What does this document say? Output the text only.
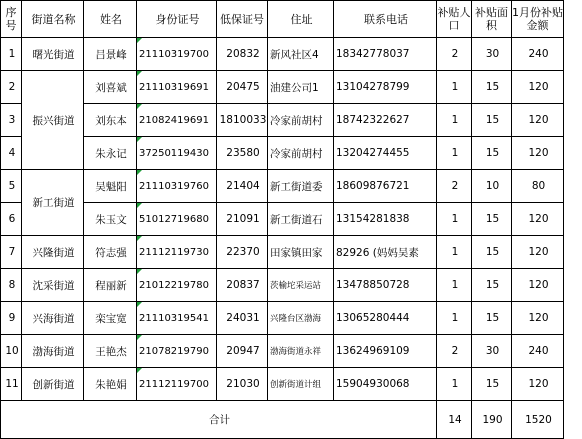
序号	街道名称	姓名	身份证号	低保证号	住址	联系电话	补贴人口	补贴面积	1月份补贴金额
1	曙光街道	吕景峰	21110319700	20832	新风社区4	18342778037	2	30	240
2	振兴街道	刘喜斌	21110319691	20475	油建公司1	13104278799	1	15	120
3		刘东本	21082419691	1810033	冷家前胡村	18742322627	1	15	120
4		朱永记	37250119430	23580	冷家前胡村	13204274455	1	15	120
5	新工街道	吴魁阳	21110319760	21404	新工街道委	18609876721	2	10	80
6		朱玉文	51012719680	21091	新工街道石	13154281838	1	15	120
7	兴隆街道	符志强	21112119730	22370	田家镇田家	82926 (妈妈吴素	1	15	120
8	沈采街道	程丽新	21012219780	20837	茨榆坨采运站	13478850728	1	15	120
9	兴海街道	栾宝宽	21110319541	24031	兴隆台区渤海	13065280444	1	15	120
10	渤海街道	王艳杰	21078219790	20947	渤海街道永祥	13624969109	2	30	240
11	创新街道	朱艳娟	21112119700	21030	创新街道计组	15904930068	1	15	120
合计							14	190	1520
